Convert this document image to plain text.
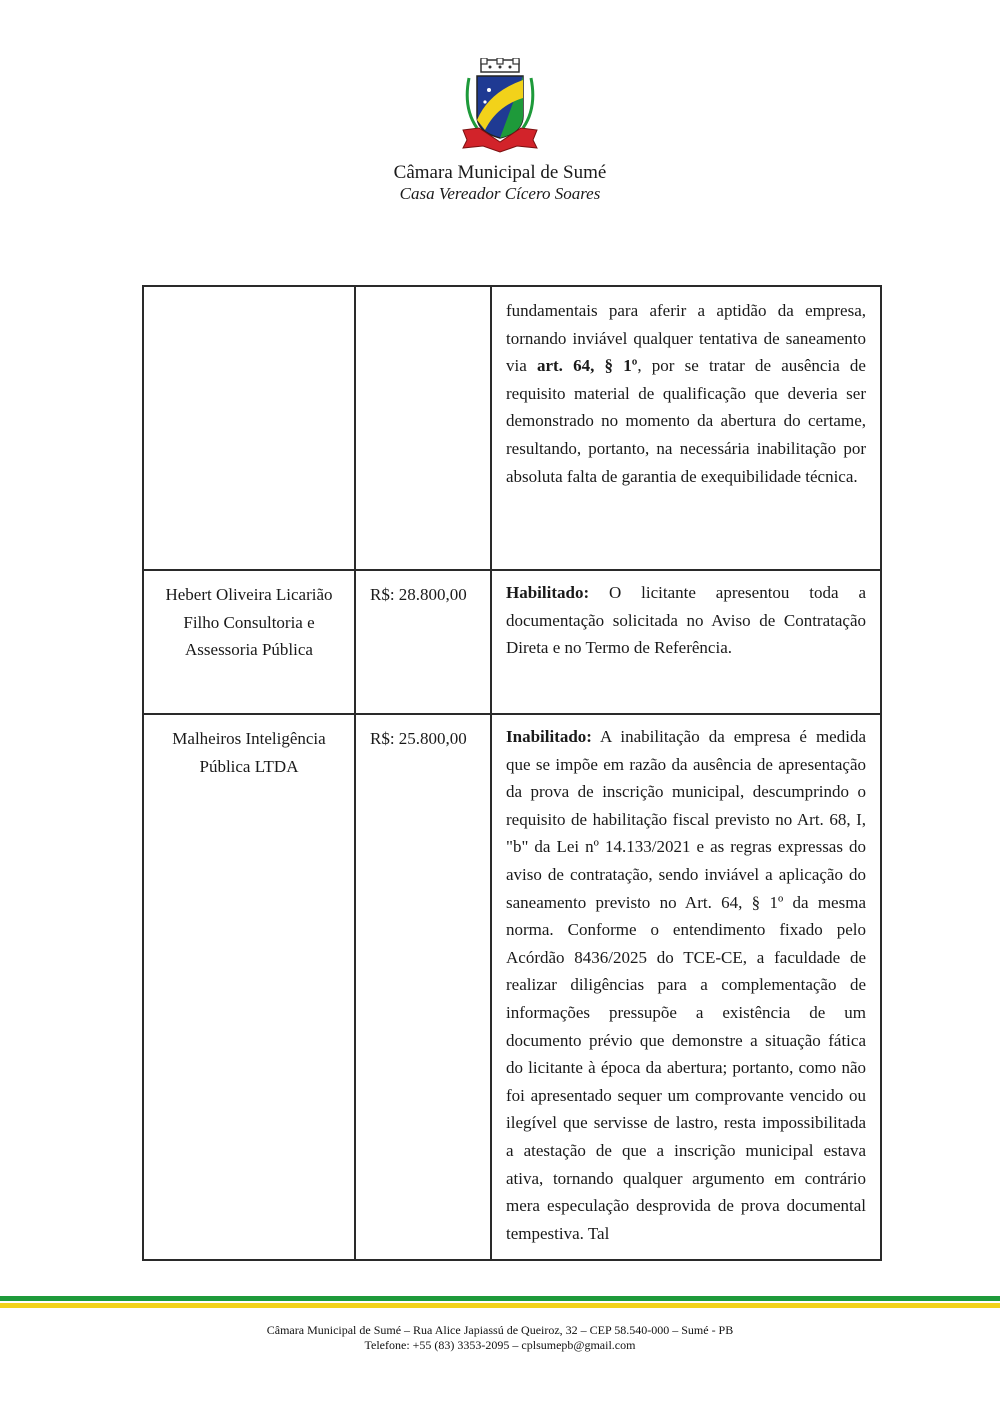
Câmara Municipal de Sumé
Casa Vereador Cícero Soares
		fundamentais para aferir a aptidão da empresa, tornando inviável qualquer tentativa de saneamento via art. 64, § 1º, por se tratar de ausência de requisito material de qualificação que deveria ser demonstrado no momento da abertura do certame, resultando, portanto, na necessária inabilitação por absoluta falta de garantia de exequibilidade técnica.
Hebert Oliveira Licarião Filho Consultoria e Assessoria Pública	R$: 28.800,00	Habilitado: O licitante apresentou toda a documentação solicitada no Aviso de Contratação Direta e no Termo de Referência.
Malheiros Inteligência Pública LTDA	R$: 25.800,00	Inabilitado: A inabilitação da empresa é medida que se impõe em razão da ausência de apresentação da prova de inscrição municipal, descumprindo o requisito de habilitação fiscal previsto no Art. 68, I, "b" da Lei nº 14.133/2021 e as regras expressas do aviso de contratação, sendo inviável a aplicação do saneamento previsto no Art. 64, § 1º da mesma norma. Conforme o entendimento fixado pelo Acórdão 8436/2025 do TCE-CE, a faculdade de realizar diligências para a complementação de informações pressupõe a existência de um documento prévio que demonstre a situação fática do licitante à época da abertura; portanto, como não foi apresentado sequer um comprovante vencido ou ilegível que servisse de lastro, resta impossibilitada a atestação de que a inscrição municipal estava ativa, tornando qualquer argumento em contrário mera especulação desprovida de prova documental tempestiva. Tal
Câmara Municipal de Sumé – Rua Alice Japiassú de Queiroz, 32 – CEP 58.540-000 – Sumé - PB
Telefone: +55 (83) 3353-2095 – cplsumepb@gmail.com
